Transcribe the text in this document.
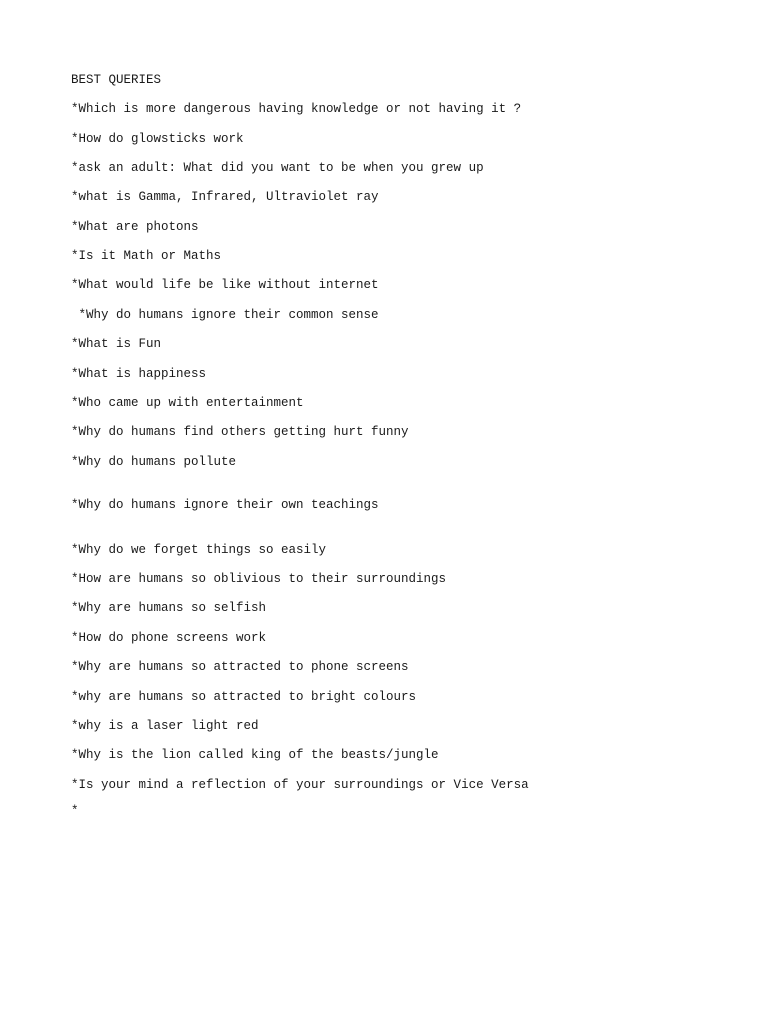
BEST QUERIES

*Which is more dangerous having knowledge or not having it ?

*How do glowsticks work

*ask an adult: What did you want to be when you grew up

*what is Gamma, Infrared, Ultraviolet ray

*What are photons

*Is it Math or Maths

*What would life be like without internet

*Why do humans ignore their common sense

*What is Fun

*What is happiness

*Who came up with entertainment

*Why do humans find others getting hurt funny

*Why do humans pollute

*Why do humans ignore their own teachings

*Why do we forget things so easily

*How are humans so oblivious to their surroundings

*Why are humans so selfish

*How do phone screens work

*Why are humans so attracted to phone screens

*why are humans so attracted to bright colours

*why is a laser light red

*Why is the lion called king of the beasts/jungle

*Is your mind a reflection of your surroundings or Vice Versa

*
